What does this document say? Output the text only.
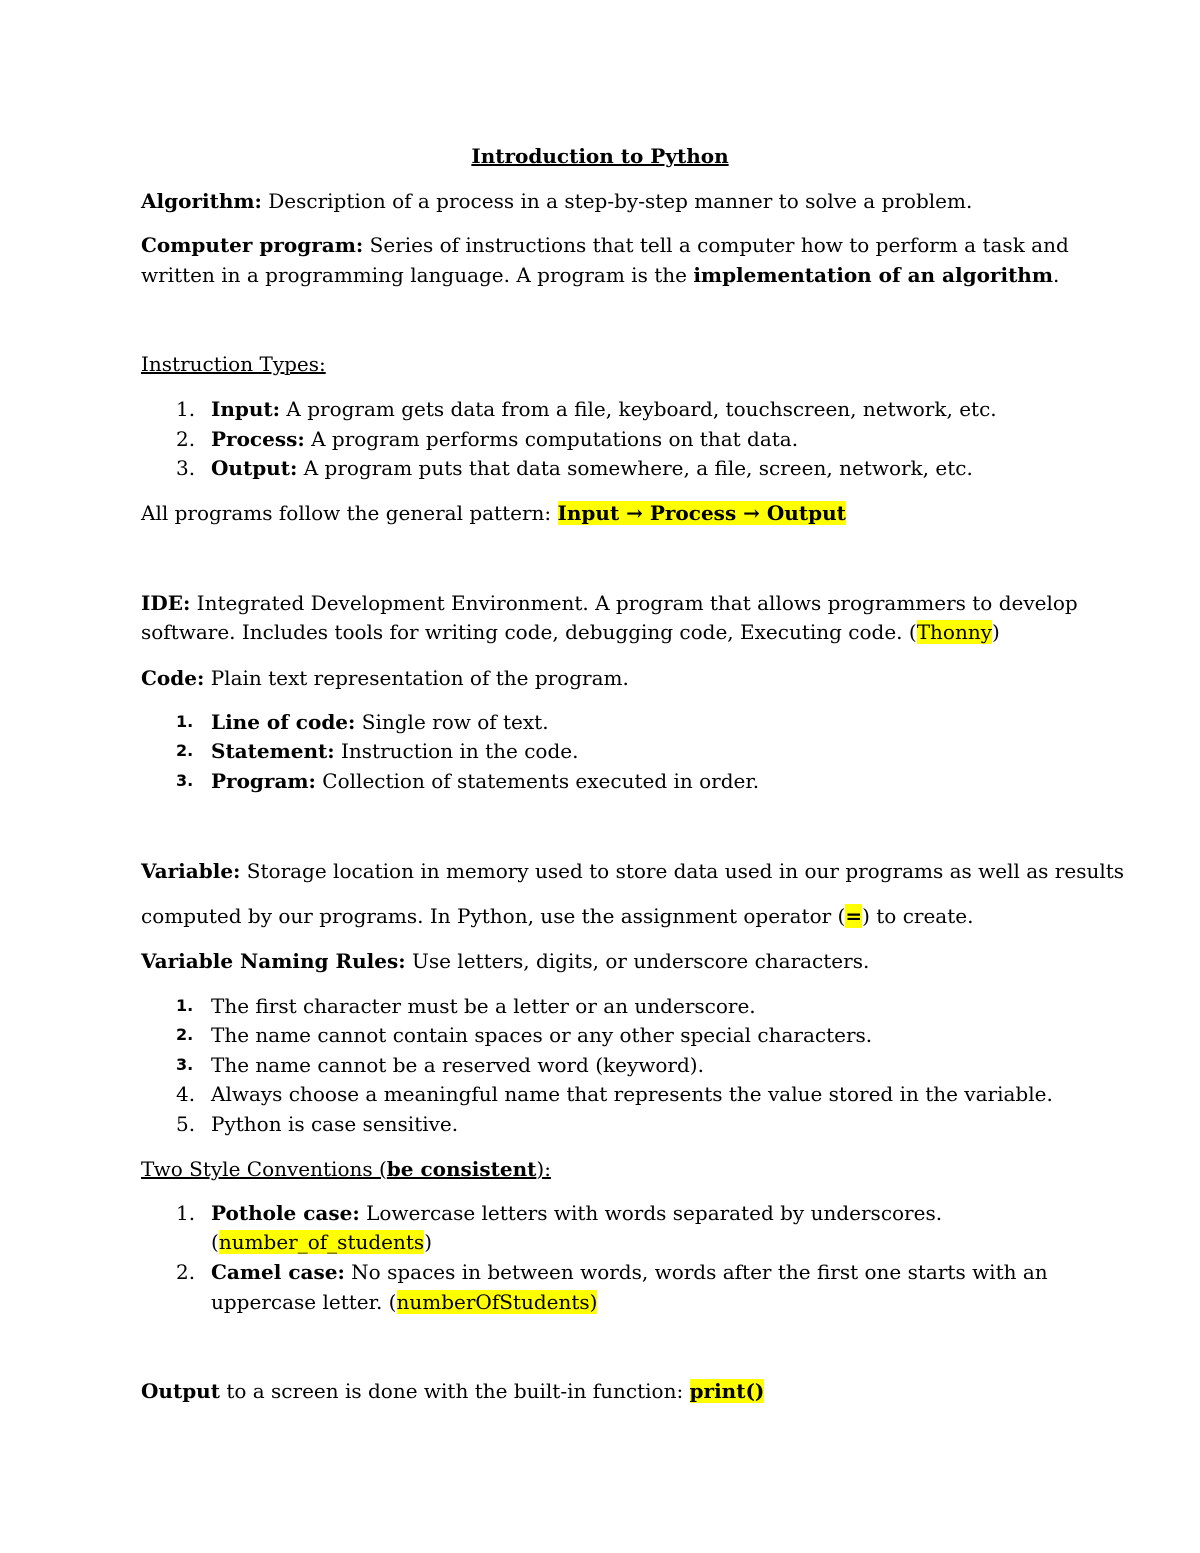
Introduction to Python
Algorithm: Description of a process in a step-by-step manner to solve a problem.
Computer program: Series of instructions that tell a computer how to perform a task and
written in a programming language. A program is the implementation of an algorithm.
Instruction Types:
1. Input: A program gets data from a file, keyboard, touchscreen, network, etc.
2. Process: A program performs computations on that data.
3. Output: A program puts that data somewhere, a file, screen, network, etc.
All programs follow the general pattern: Input → Process → Output
IDE: Integrated Development Environment. A program that allows programmers to develop
software. Includes tools for writing code, debugging code, Executing code. (Thonny)
Code: Plain text representation of the program.
1. Line of code: Single row of text.
2. Statement: Instruction in the code.
3. Program: Collection of statements executed in order.
Variable: Storage location in memory used to store data used in our programs as well as results
computed by our programs. In Python, use the assignment operator (=) to create.
Variable Naming Rules: Use letters, digits, or underscore characters.
1. The first character must be a letter or an underscore.
2. The name cannot contain spaces or any other special characters.
3. The name cannot be a reserved word (keyword).
4. Always choose a meaningful name that represents the value stored in the variable.
5. Python is case sensitive.
Two Style Conventions (be consistent):
1. Pothole case: Lowercase letters with words separated by underscores.
(number_of_students)
2. Camel case: No spaces in between words, words after the first one starts with an
uppercase letter. (numberOfStudents)
Output to a screen is done with the built-in function: print()
